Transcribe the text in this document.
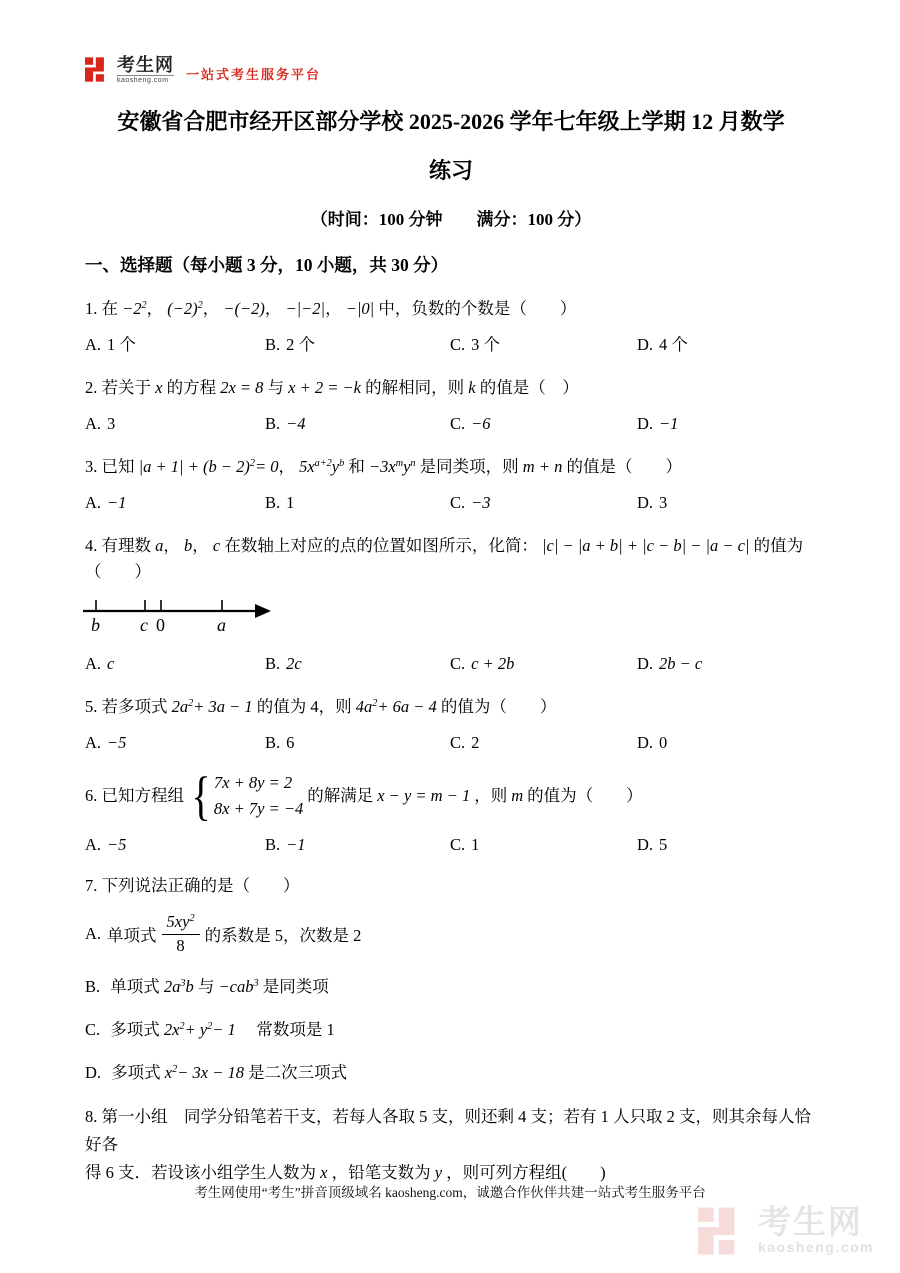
考生网
kaosheng.com	一站式考生服务平台
安徽省合肥市经开区部分学校 2025-2026 学年七年级上学期 12 月数学
练习
（时间：100 分钟　　满分：100 分）
一、选择题（每小题 3 分，10 小题，共 30 分）
1. 在 $-2^2$， $(-2)^2$， −(−2)， −|−2|， −|0| 中，负数的个数是（　　）
A. 1 个	B. 2 个	C. 3 个	D. 4 个
2. 若关于 x 的方程 2x = 8 与 x + 2 = −k 的解相同，则 k 的值是（　）
A. 3	B. −4	C. −6	D. −1
3. 已知 $|a + 1| + (b - 2)^2= 0$， $5x^{a+2}y^b$ 和 $-3x^my^n$ 是同类项，则 m + n 的值是（　　）
A. −1	B. 1	C. −3	D. 3
4. 有理数 a， b， c 在数轴上对应的点的位置如图所示，化简： |c| − |a + b| + |c − b| − |a − c| 的值为（　　）
b c 0	a
A. c	B. 2c	C. c + 2b	D. 2b − c
5. 若多项式 $2a^2+ 3a - 1$ 的值为 4，则 $4a^2+ 6a - 4$ 的值为（　　）
A. −5	B. 6	C. 2	D. 0
6. 已知方程组 { 7x + 8y = 2
8x + 7y = −4
的解满足 x − y = m − 1 ，则 m 的值为（　　）
A. −5	B. −1	C. 1	D. 5
7. 下列说法正确的是（　　）
A. 单项式 $\frac{5xy^2}{8}$ 的系数是 5，次数是 2
B. 单项式 $2a^3b$ 与 −cab$^3$ 是同类项
C. 多项式 $2x^2+ y^2- 1$ 　常数项是 1
D. 多项式 $x^2- 3x - 18$ 是二次三项式
8. 第一小组　同学分铅笔若干支，若每人各取 5 支，则还剩 4 支；若有 1 人只取 2 支，则其余每人恰好各
得 6 支．若设该小组学生人数为 x ，铅笔支数为 y ，则可列方程组(　　)
考生网使用“考生”拼音顶级域名 kaosheng.com，诚邀合作伙伴共建一站式考生服务平台
考生网
kaosheng.com
